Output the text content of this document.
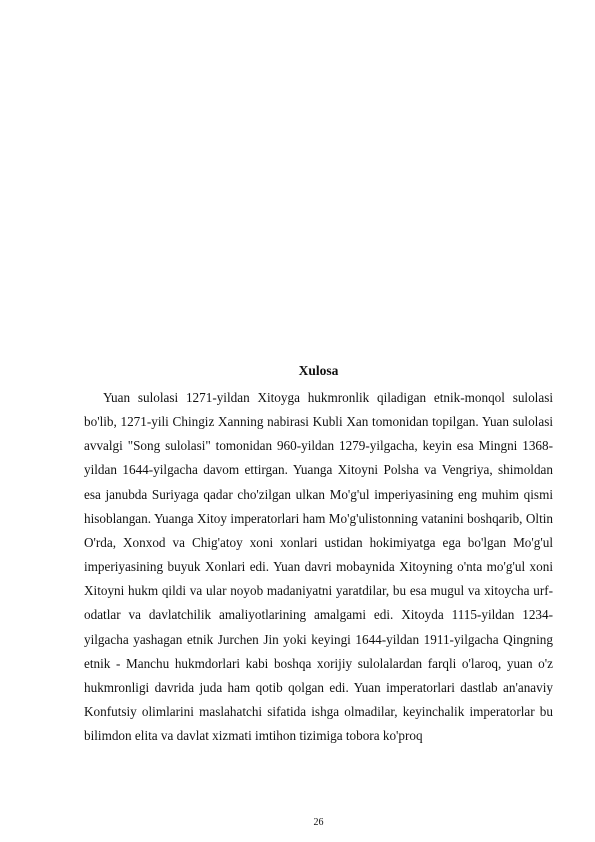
Xulosa

Yuan sulolasi 1271-yildan Xitoyga hukmronlik qiladigan etnik-monqol sulolasi bo'lib, 1271-yili Chingiz Xanning nabirasi Kubli Xan tomonidan topilgan. Yuan sulolasi avvalgi "Song sulolasi" tomonidan 960-yildan 1279-yilgacha, keyin esa Mingni 1368-yildan 1644-yilgacha davom ettirgan. Yuanga Xitoyni Polsha va Vengriya, shimoldan esa janubda Suriyaga qadar cho'zilgan ulkan Mo'g'ul imperiyasining eng muhim qismi hisoblangan. Yuanga Xitoy imperatorlari ham Mo'g'ulistonning vatanini boshqarib, Oltin O'rda, Xonxod va Chig'atoy xoni xonlari ustidan hokimiyatga ega bo'lgan Mo'g'ul imperiyasining buyuk Xonlari edi. Yuan davri mobaynida Xitoyning o'nta mo'g'ul xoni Xitoyni hukm qildi va ular noyob madaniyatni yaratdilar, bu esa mugul va xitoycha urf-odatlar va davlatchilik amaliyotlarining amalgami edi. Xitoyda 1115-yildan 1234-yilgacha yashagan etnik Jurchen Jin yoki keyingi 1644-yildan 1911-yilgacha Qingning etnik - Manchu hukmdorlari kabi boshqa xorijiy sulolalardan farqli o'laroq, yuan o'z hukmronligi davrida juda ham qotib qolgan edi. Yuan imperatorlari dastlab an'anaviy Konfutsiy olimlarini maslahatchi sifatida ishga olmadilar, keyinchalik imperatorlar bu bilimdon elita va davlat xizmati imtihon tizimiga tobora ko'proq

26
